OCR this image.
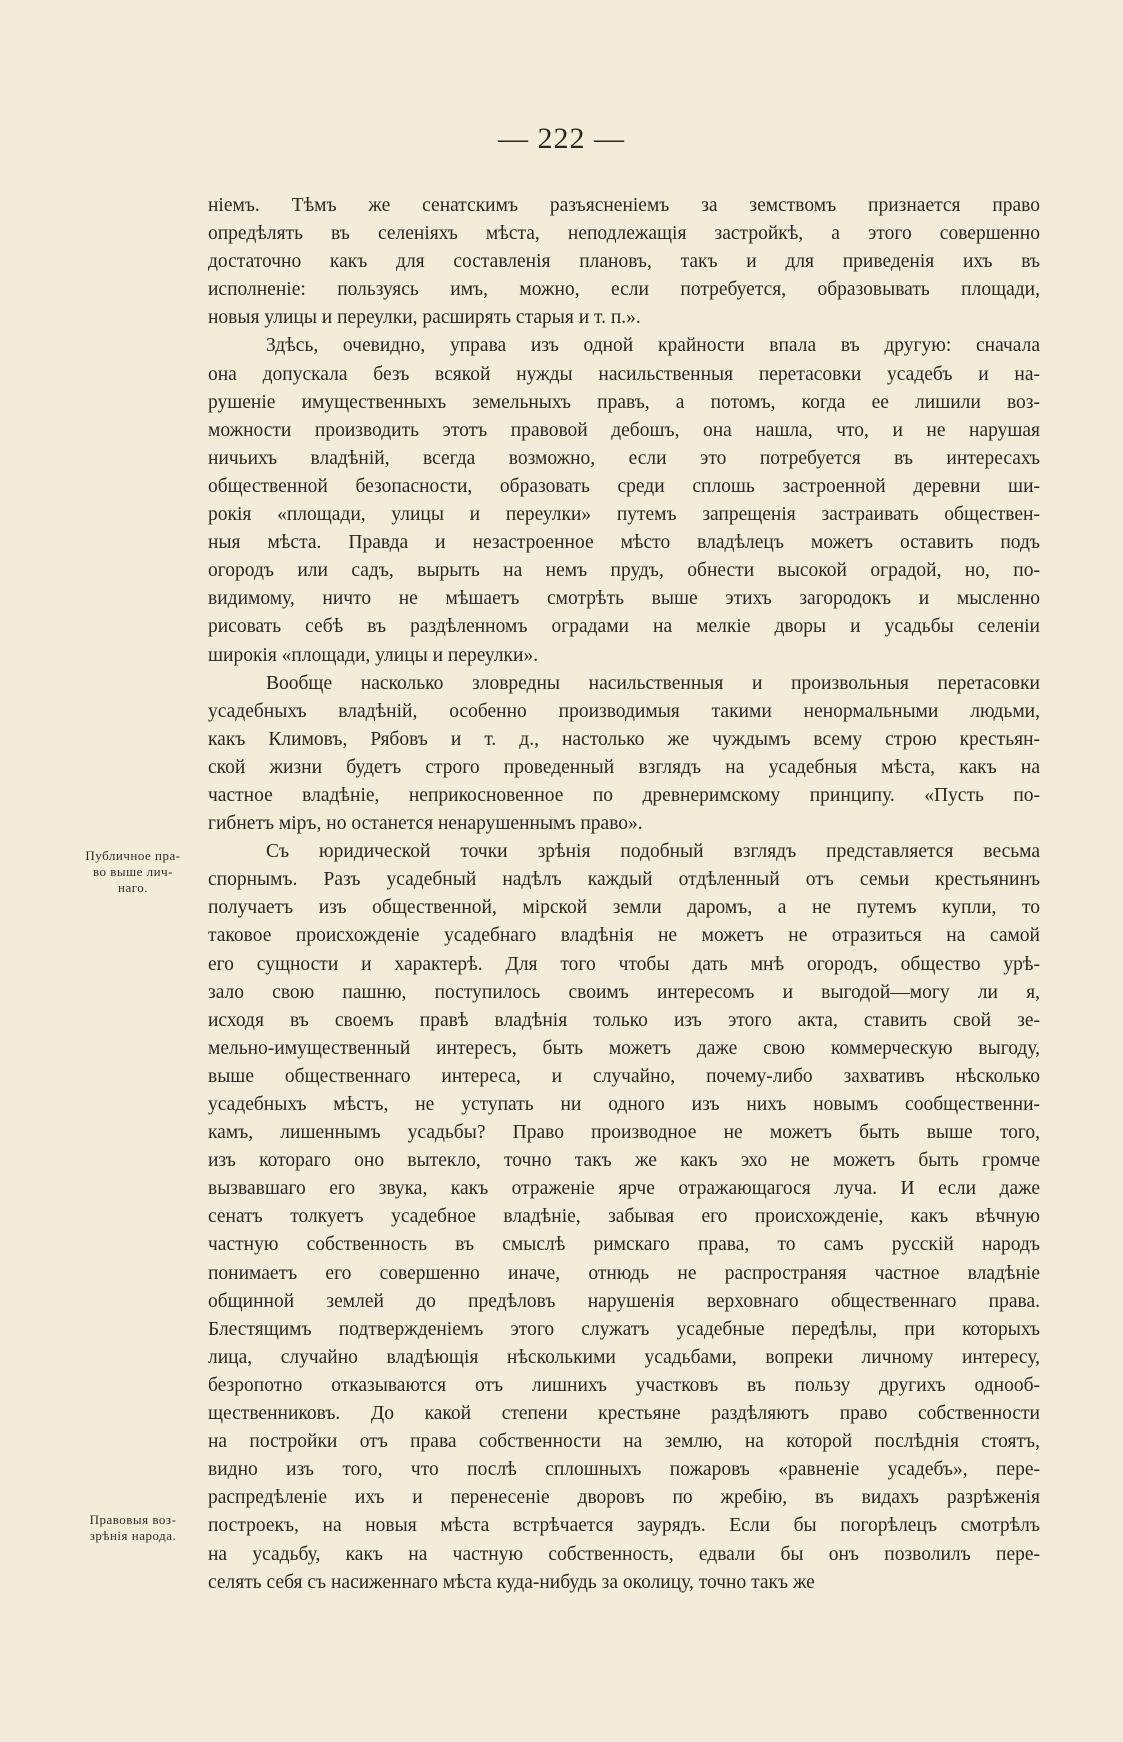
— 222 —
Публичное пра-
во выше лич-
наго.
Правовыя воз-
зрѣнія народа.
ніемъ. Тѣмъ же сенатскимъ разъясненіемъ за земствомъ признается право
опредѣлять въ селеніяхъ мѣста, неподлежащія застройкѣ, а этого совершенно
достаточно какъ для составленія плановъ, такъ и для приведенія ихъ въ
исполненіе: пользуясь имъ, можно, если потребуется, образовывать площади,
новыя улицы и переулки, расширять старыя и т. п.».
Здѣсь, очевидно, управа изъ одной крайности впала въ другую: сначала
она допускала безъ всякой нужды насильственныя перетасовки усадебъ и на-
рушеніе имущественныхъ земельныхъ правъ, а потомъ, когда ее лишили воз-
можности производить этотъ правовой дебошъ, она нашла, что, и не нарушая
ничьихъ владѣній, всегда возможно, если это потребуется въ интересахъ
общественной безопасности, образовать среди сплошь застроенной деревни ши-
рокія «площади, улицы и переулки» путемъ запрещенія застраивать обществен-
ныя мѣста. Правда и незастроенное мѣсто владѣлецъ можетъ оставить подъ
огородъ или садъ, вырыть на немъ прудъ, обнести высокой оградой, но, по-
видимому, ничто не мѣшаетъ смотрѣть выше этихъ загородокъ и мысленно
рисовать себѣ въ раздѣленномъ оградами на мелкіе дворы и усадьбы селеніи
широкія «площади, улицы и переулки».
Вообще насколько зловредны насильственныя и произвольныя перетасовки
усадебныхъ владѣній, особенно производимыя такими ненормальными людьми,
какъ Климовъ, Рябовъ и т. д., настолько же чуждымъ всему строю крестьян-
ской жизни будетъ строго проведенный взглядъ на усадебныя мѣста, какъ на
частное владѣніе, неприкосновенное по древнеримскому принципу. «Пусть по-
гибнетъ міръ, но останется ненарушеннымъ право».
Съ юридической точки зрѣнія подобный взглядъ представляется весьма
спорнымъ. Разъ усадебный надѣлъ каждый отдѣленный отъ семьи крестьянинъ
получаетъ изъ общественной, мірской земли даромъ, а не путемъ купли, то
таковое происхожденіе усадебнаго владѣнія не можетъ не отразиться на самой
его сущности и характерѣ. Для того чтобы дать мнѣ огородъ, общество урѣ-
зало свою пашню, поступилось своимъ интересомъ и выгодой—могу ли я,
исходя въ своемъ правѣ владѣнія только изъ этого акта, ставить свой зе-
мельно-имущественный интересъ, быть можетъ даже свою коммерческую выгоду,
выше общественнаго интереса, и случайно, почему-либо захвативъ нѣсколько
усадебныхъ мѣстъ, не уступать ни одного изъ нихъ новымъ сообщественни-
камъ, лишеннымъ усадьбы? Право производное не можетъ быть выше того,
изъ котораго оно вытекло, точно такъ же какъ эхо не можетъ быть громче
вызвавшаго его звука, какъ отраженіе ярче отражающагося луча. И если даже
сенатъ толкуетъ усадебное владѣніе, забывая его происхожденіе, какъ вѣчную
частную собственность въ смыслѣ римскаго права, то самъ русскій народъ
понимаетъ его совершенно иначе, отнюдь не распространяя частное владѣніе
общинной землей до предѣловъ нарушенія верховнаго общественнаго права.
Блестящимъ подтвержденіемъ этого служатъ усадебные передѣлы, при которыхъ
лица, случайно владѣющія нѣсколькими усадьбами, вопреки личному интересу,
безропотно отказываются отъ лишнихъ участковъ въ пользу другихъ однооб-
щественниковъ. До какой степени крестьяне раздѣляютъ право собственности
на постройки отъ права собственности на землю, на которой послѣднія стоятъ,
видно изъ того, что послѣ сплошныхъ пожаровъ «равненіе усадебъ», пере-
распредѣленіе ихъ и перенесеніе дворовъ по жребію, въ видахъ разрѣженія
построекъ, на новыя мѣста встрѣчается заурядъ. Если бы погорѣлецъ смотрѣлъ
на усадьбу, какъ на частную собственность, едвали бы онъ позволилъ пере-
селять себя съ насиженнаго мѣста куда-нибудь за околицу, точно такъ же
